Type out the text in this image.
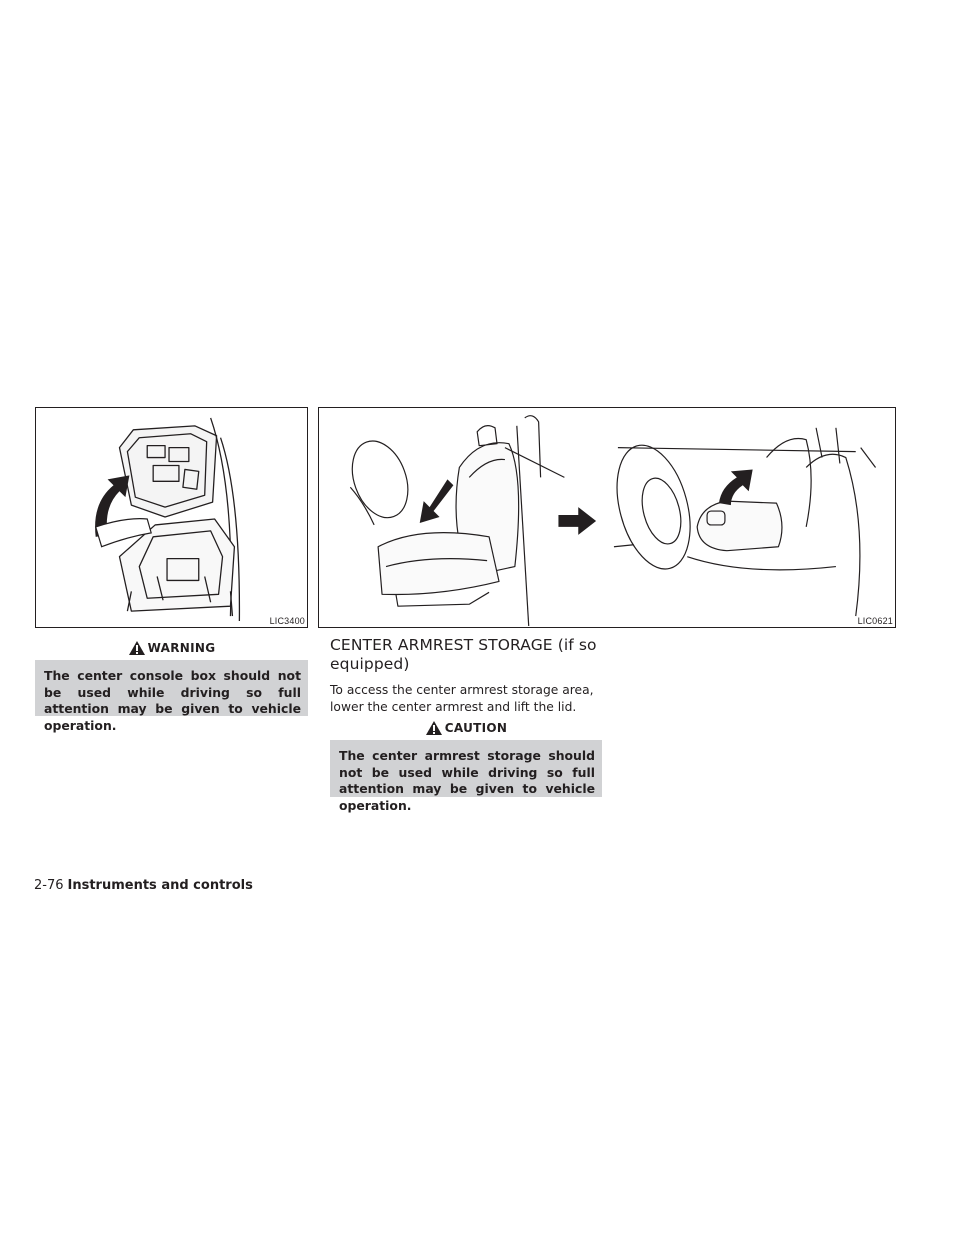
LIC3400	LIC0621
WARNING
The center console box should not be used while driving so full attention may be given to vehicle operation.
CENTER ARMREST STORAGE (if so equipped)
To access the center armrest storage area, lower the center armrest and lift the lid.
CAUTION
The center armrest storage should not be used while driving so full attention may be given to vehicle operation.
2-76 Instruments and controls
